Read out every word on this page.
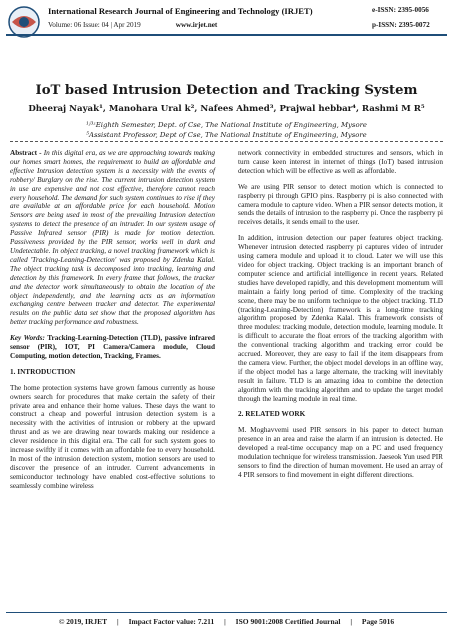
International Research Journal of Engineering and Technology (IRJET)
Volume: 06 Issue: 04 | Apr 2019	www.irjet.net
e-ISSN: 2395-0056
p-ISSN: 2395-0072
IoT based Intrusion Detection and Tracking System
Dheeraj Nayak¹, Manohara Ural k², Nafees Ahmed³, Prajwal hebbar⁴, Rashmi M R⁵
¹ʲ³ʴEighth Semester, Dept. of Cse, The National Institute of Engineering, Mysore
⁵Assistant Professor, Dept of Cse, The National Institute of Engineering, Mysore

Abstract - In this digital era, as we are approaching towards making our homes smart homes, the requirement to build an affordable and effective Intrusion detection system is a necessity with the events of robbery/ Burglary on the rise. The current intrusion detection system in use are expensive and not cost effective, therefore cannot reach every household. The demand for such system continues to rise if they are available at an affordable price for each household. Motion Sensors are being used in most of the prevailing Intrusion detection systems to detect the presence of an intruder. In our system usage of Passive Infrared sensor (PIR) is made for motion detection. Passiveness provided by the PIR sensor, works well in dark and Undetectable. In object tracking, a novel tracking framework which is called 'Tracking-Leaning-Detection' was proposed by Zdenka Kalal. The object tracking task is decomposed into tracking, learning and detection by this framework. In every frame that follows, the tracker and the detector work simultaneously to obtain the location of the object independently, and the learning acts as an information exchanging centre between tracker and detector. The experimental results on the public data set show that the proposed algorithm has better tracking performance and robustness.

Key Words: Tracking-Learning-Detection (TLD), passive infrared sensor (PIR), IOT, PI Camera/Camera module, Cloud Computing, motion detection, Tracking, Frames.

1. INTRODUCTION

The home protection systems have grown famous currently as house owners search for procedures that make certain the safety of their private area and enhance their home values. These days the want to construct a cheap and powerful intrusion detection system is a necessity with the activities of intrusion or robbery at the upward thrust and as we are drawing near towards making our residence a clever residence in this digital era. The call for such system goes to increase swiftly if it comes with an affordable fee to every household. In most of the intrusion detection system, motion sensors are used to discover the presence of an intruder. Current advancements in semiconductor technology have enabled cost-effective solutions to seamlessly combine wireless

network connectivity in embedded structures and sensors, which in turn cause keen interest in internet of things (IoT) based intrusion detection which will be effective as well as affordable.

We are using PIR sensor to detect motion which is connected to raspberry pi through GPIO pins. Raspberry pi is also connected with camera module to capture video. When a PIR sensor detects motion, it sends the details of intrusion to the raspberry pi. Once the raspberry pi receives details, it sends email to the user.

In addition, intrusion detection our paper features object tracking. Whenever intrusion detected raspberry pi captures video of intruder using camera module and upload it to cloud. Later we will use this video for object tracking. Object tracking is an important branch of computer science and artificial intelligence in recent years. Related studies have developed rapidly, and this development momentum will maintain a fairly long period of time. Complexity of the tracking scene, there may be no uniform technique to the object tracking. TLD (tracking-Leaning-Detection) framework is a long-time tracking algorithm proposed by Zdenka Kalal. This framework consists of three modules: tracking module, detection module, learning module. It is difficult to accurate the float errors of the tracking algorithm with the conventional tracking algorithm and tracking error could be accrued. Moreover, they are easy to fail if the item disappears from the camera view. Further, the object model develops in an offline way, if the object model has a large alternate, the tracking will inevitably result in failure. TLD is an amazing idea to combine the detection algorithm with the tracking algorithm and to update the target model through the learning module in real time.

2. RELATED WORK

M. Moghavvemi used PIR sensors in his paper to detect human presence in an area and raise the alarm if an intrusion is detected. He developed a real-time occupancy map on a PC and used frequency modulation technique for wireless transmission. Jaeseok Yun used PIR sensors to find the direction of human movement. He used an array of 4 PIR sensors to find movement in eight different directions.

© 2019, IRJET | Impact Factor value: 7.211 | ISO 9001:2008 Certified Journal | Page 5016
